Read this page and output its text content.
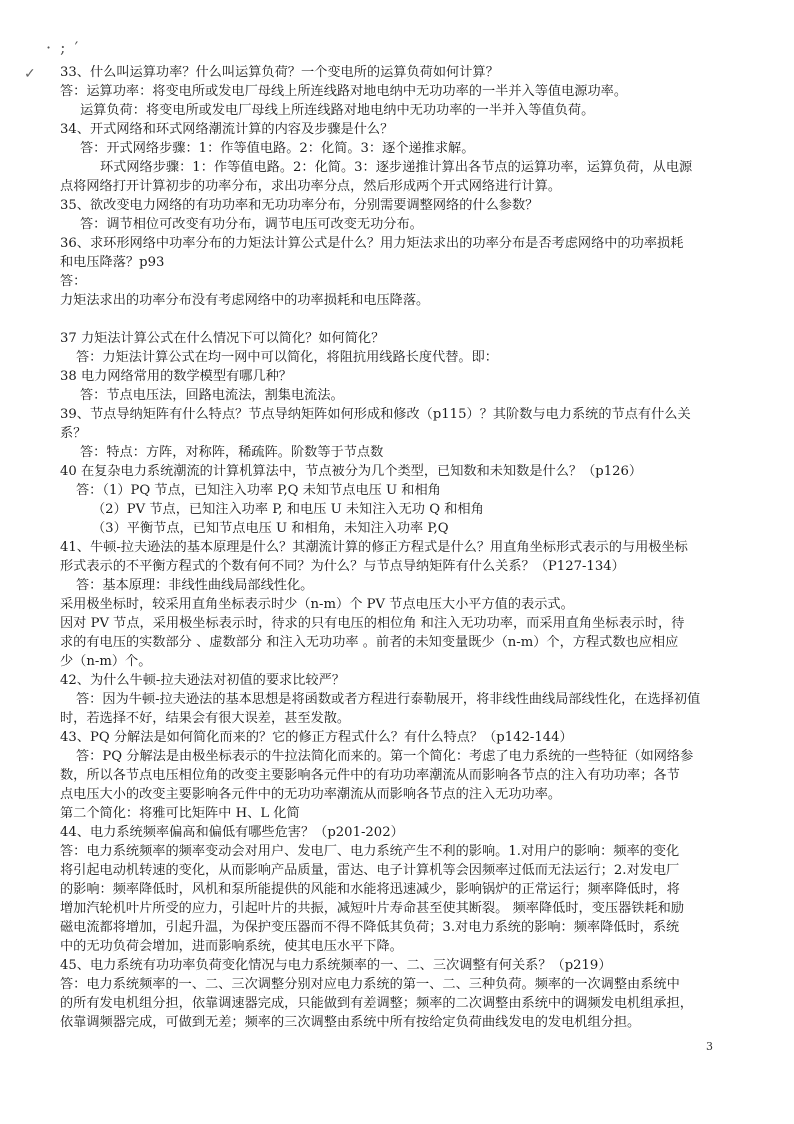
· ; ′
✓ 33、什么叫运算功率？什么叫运算负荷？一个变电所的运算负荷如何计算？
答：运算功率：将变电所或发电厂母线上所连线路对地电纳中无功功率的一半并入等值电源功率。
运算负荷：将变电所或发电厂母线上所连线路对地电纳中无功功率的一半并入等值负荷。
34、开式网络和环式网络潮流计算的内容及步骤是什么？
答：开式网络步骤：1：作等值电路。2：化简。3：逐个递推求解。
环式网络步骤：1：作等值电路。2：化简。3：逐步递推计算出各节点的运算功率，运算负荷，从电源
点将网络打开计算初步的功率分布，求出功率分点，然后形成两个开式网络进行计算。
35、欲改变电力网络的有功功率和无功功率分布，分别需要调整网络的什么参数？
答：调节相位可改变有功分布，调节电压可改变无功分布。
36、求环形网络中功率分布的力矩法计算公式是什么？用力矩法求出的功率分布是否考虑网络中的功率损耗
和电压降落？p93
答：
力矩法求出的功率分布没有考虑网络中的功率损耗和电压降落。
37 力矩法计算公式在什么情况下可以简化？如何简化？
答：力矩法计算公式在均一网中可以简化，将阻抗用线路长度代替。即：
38 电力网络常用的数学模型有哪几种？
答：节点电压法，回路电流法，割集电流法。
39、节点导纳矩阵有什么特点？节点导纳矩阵如何形成和修改（p115）？其阶数与电力系统的节点有什么关
系？
答：特点：方阵，对称阵，稀疏阵。阶数等于节点数
40 在复杂电力系统潮流的计算机算法中，节点被分为几个类型，已知数和未知数是什么？（p126）
答：（1）PQ 节点，已知注入功率 P,Q 未知节点电压 U 和相角
（2）PV 节点，已知注入功率 P, 和电压 U 未知注入无功 Q 和相角
（3）平衡节点，已知节点电压 U 和相角，未知注入功率 P,Q
41、牛顿-拉夫逊法的基本原理是什么？其潮流计算的修正方程式是什么？用直角坐标形式表示的与用极坐标
形式表示的不平衡方程式的个数有何不同？为什么？与节点导纳矩阵有什么关系？（P127-134）
答：基本原理：非线性曲线局部线性化。
采用极坐标时，较采用直角坐标表示时少（n-m）个 PV 节点电压大小平方值的表示式。
因对 PV 节点，采用极坐标表示时，待求的只有电压的相位角 和注入无功功率，而采用直角坐标表示时，待
求的有电压的实数部分 、虚数部分 和注入无功功率 。前者的未知变量既少（n-m）个，方程式数也应相应
少（n-m）个。
42、为什么牛顿-拉夫逊法对初值的要求比较严？
答：因为牛顿-拉夫逊法的基本思想是将函数或者方程进行泰勒展开，将非线性曲线局部线性化，在选择初值
时，若选择不好，结果会有很大误差，甚至发散。
43、PQ 分解法是如何简化而来的？它的修正方程式什么？有什么特点？（p142-144）
答：PQ 分解法是由极坐标表示的牛拉法简化而来的。第一个简化：考虑了电力系统的一些特征（如网络参
数，所以各节点电压相位角的改变主要影响各元件中的有功功率潮流从而影响各节点的注入有功功率；各节
点电压大小的改变主要影响各元件中的无功功率潮流从而影响各节点的注入无功功率。
第二个简化：将雅可比矩阵中 H、L 化简
44、电力系统频率偏高和偏低有哪些危害？（p201-202）
答：电力系统频率的频率变动会对用户、发电厂、电力系统产生不利的影响。1.对用户的影响：频率的变化
将引起电动机转速的变化，从而影响产品质量，雷达、电子计算机等会因频率过低而无法运行；2.对发电厂
的影响：频率降低时，风机和泵所能提供的风能和水能将迅速减少，影响锅炉的正常运行；频率降低时，将
增加汽轮机叶片所受的应力，引起叶片的共振，减短叶片寿命甚至使其断裂。 频率降低时，变压器铁耗和励
磁电流都将增加，引起升温，为保护变压器而不得不降低其负荷；3.对电力系统的影响：频率降低时，系统
中的无功负荷会增加，进而影响系统，使其电压水平下降。
45、电力系统有功功率负荷变化情况与电力系统频率的一、二、三次调整有何关系？（p219）
答：电力系统频率的一、二、三次调整分别对应电力系统的第一、二、三种负荷。频率的一次调整由系统中
的所有发电机组分担，依靠调速器完成，只能做到有差调整；频率的二次调整由系统中的调频发电机组承担，
依靠调频器完成，可做到无差；频率的三次调整由系统中所有按给定负荷曲线发电的发电机组分担。
3
